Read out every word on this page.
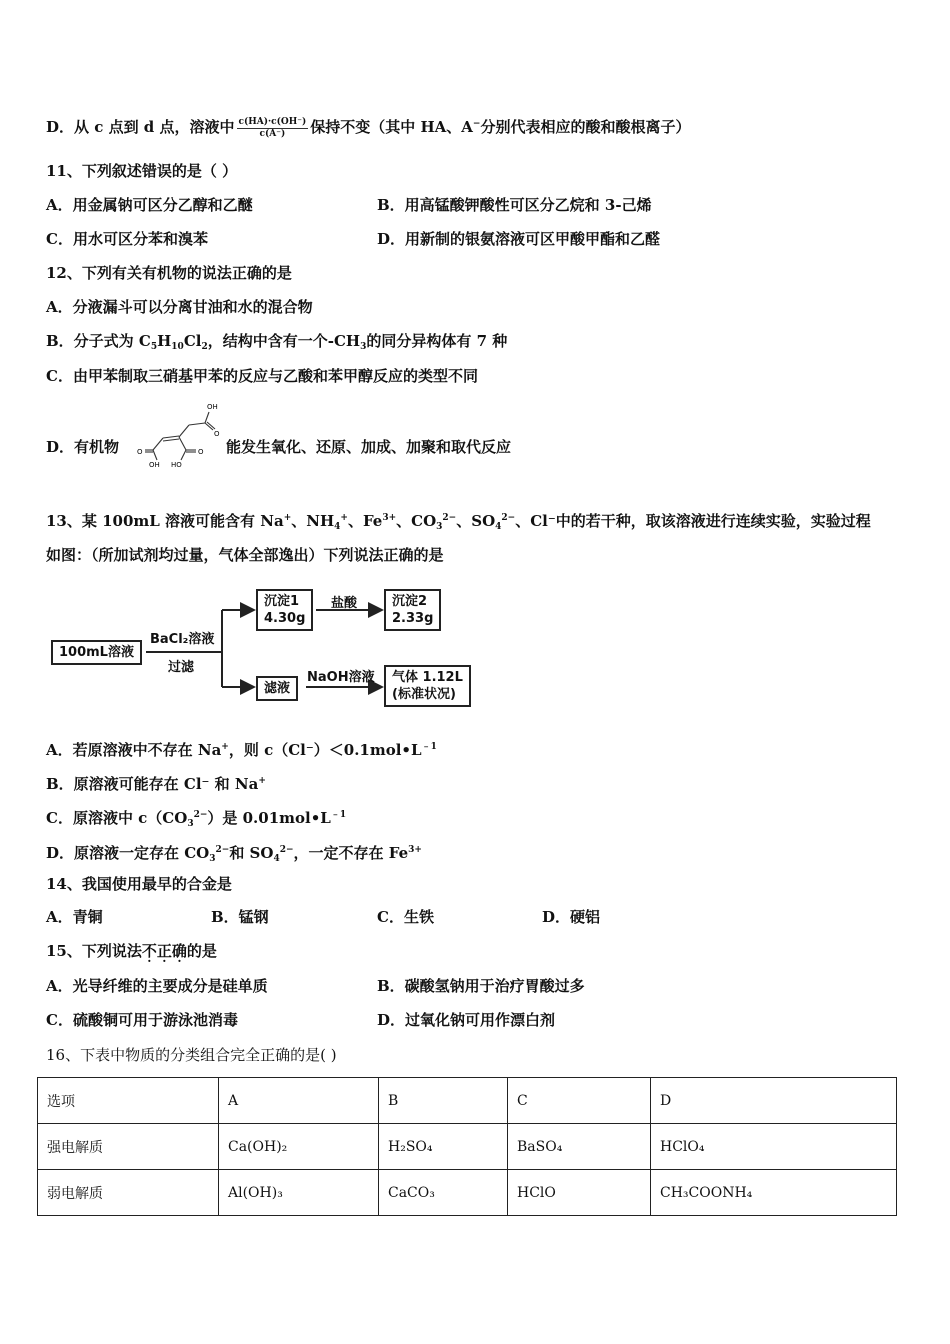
D．从 c 点到 d 点，溶液中 $\frac{c(HA)\cdot c(OH^-)}{c(A^-)}$ 保持不变（其中 HA、A−分别代表相应的酸和酸根离子）
11、下列叙述错误的是（ ）
A．用金属钠可区分乙醇和乙醚	B．用高锰酸钾酸性可区分乙烷和 3-己烯
C．用水可区分苯和溴苯	D．用新制的银氨溶液可区甲酸甲酯和乙醛
12、下列有关有机物的说法正确的是
A．分液漏斗可以分离甘油和水的混合物
B．分子式为 $C_5H_{10}Cl_2$，结构中含有一个$-CH_3$的同分异构体有 7 种
C．由甲苯制取三硝基甲苯的反应与乙酸和苯甲醇反应的类型不同
D．有机物
OH
O
OH HO
O
O	能发生氧化、还原、加成、加聚和取代反应
13、某 100mL 溶液可能含有 Na+、$NH_4^+$、$Fe^{3+}$、$CO_3^{2-}$、$SO_4^{2-}$、Cl⁻中的若干种，取该溶液进行连续实验，实验过程
如图：（所加试剂均过量，气体全部逸出）下列说法正确的是
100mL溶液
BaCl₂溶液
过滤
沉淀1
4.30g
盐酸	沉淀2
2.33g
滤液
NaOH溶液 气体 1.12L
(标准状况)
A．若原溶液中不存在 Na+，则 $c(Cl^-)<0.1mol•L^{﹣1}$
B．原溶液可能存在 Cl⁻ 和 Na+
C．原溶液中 $c(CO_3^{2-})$是 $0.01mol•L^{﹣1}$
D．原溶液一定存在 $CO_3^{2-}$和 $SO_4^{2-}$，一定不存在 $Fe^{3+}$
14、我国使用最早的合金是
A．青铜	B．锰钢	C．生铁	D．硬铝
15、下列说法不正确的是
A．光导纤维的主要成分是硅单质	B．碳酸氢钠用于治疗胃酸过多
C．硫酸铜可用于游泳池消毒	D．过氧化钠可用作漂白剂
16、下表中物质的分类组合完全正确的是( )
选项	A	B	C	D
强电解质	Ca(OH)₂	H₂SO₄	BaSO₄	HClO₄
弱电解质	Al(OH)₃	CaCO₃	HClO	CH₃COONH₄
